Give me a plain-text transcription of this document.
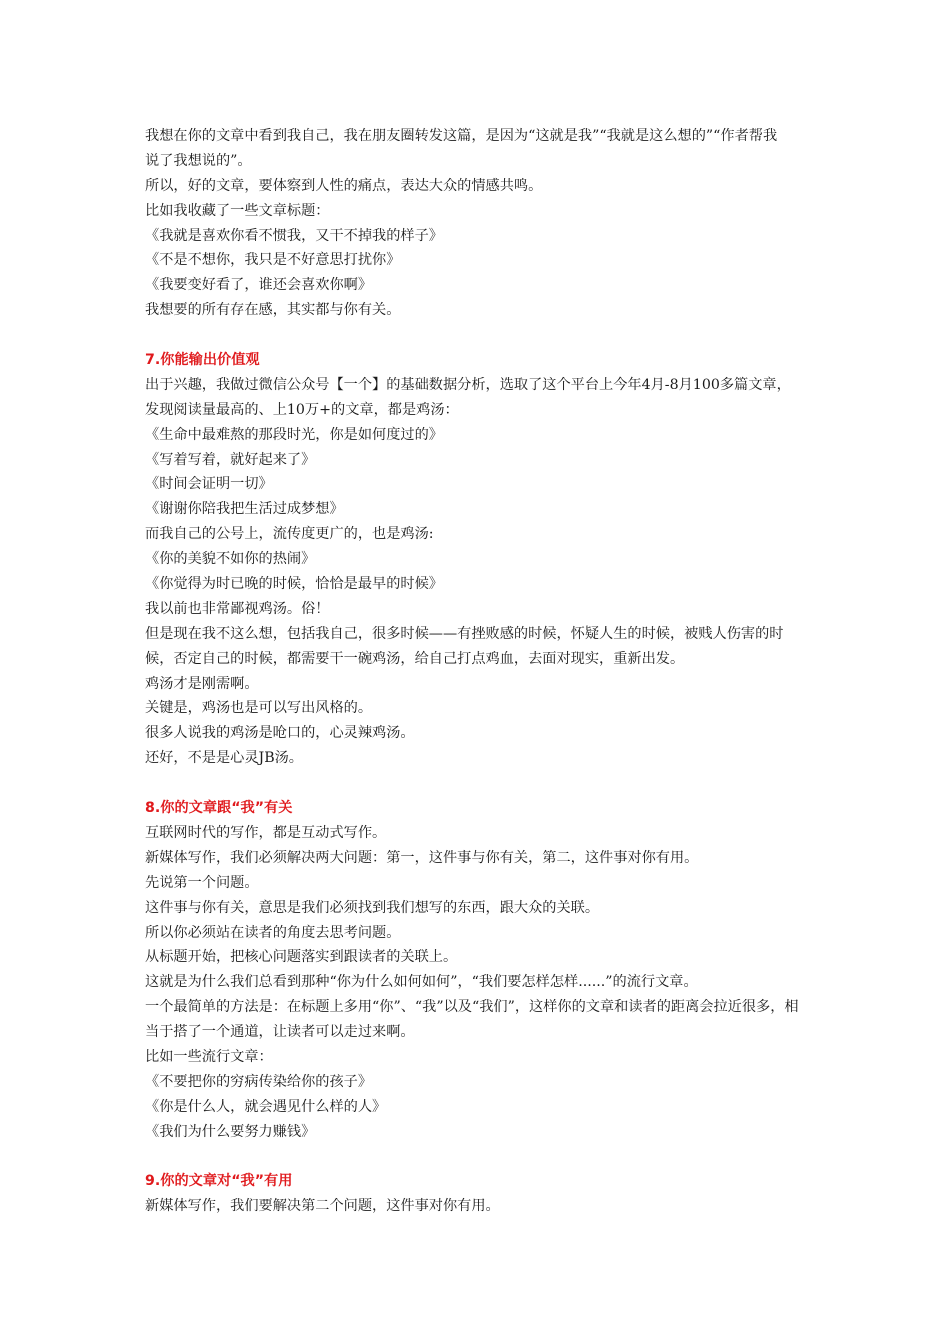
我想在你的文章中看到我自己，我在朋友圈转发这篇，是因为“这就是我”“我就是这么想的”“作者帮我
说了我想说的”。
所以，好的文章，要体察到人性的痛点，表达大众的情感共鸣。
比如我收藏了一些文章标题：
《我就是喜欢你看不惯我，又干不掉我的样子》
《不是不想你，我只是不好意思打扰你》
《我要变好看了，谁还会喜欢你啊》
我想要的所有存在感，其实都与你有关。
7.你能输出价值观
出于兴趣，我做过微信公众号【一个】的基础数据分析，选取了这个平台上今年4月-8月100多篇文章，
发现阅读量最高的、上10万+的文章，都是鸡汤：
《生命中最难熬的那段时光，你是如何度过的》
《写着写着，就好起来了》
《时间会证明一切》
《谢谢你陪我把生活过成梦想》
而我自己的公号上，流传度更广的，也是鸡汤:
《你的美貌不如你的热闹》
《你觉得为时已晚的时候，恰恰是最早的时候》
我以前也非常鄙视鸡汤。俗！
但是现在我不这么想，包括我自己，很多时候——有挫败感的时候，怀疑人生的时候，被贱人伤害的时
候，否定自己的时候，都需要干一碗鸡汤，给自己打点鸡血，去面对现实，重新出发。
鸡汤才是刚需啊。
关键是，鸡汤也是可以写出风格的。
很多人说我的鸡汤是呛口的，心灵辣鸡汤。
还好，不是是心灵JB汤。
8.你的文章跟“我”有关
互联网时代的写作，都是互动式写作。
新媒体写作，我们必须解决两大问题：第一，这件事与你有关，第二，这件事对你有用。
先说第一个问题。
这件事与你有关，意思是我们必须找到我们想写的东西，跟大众的关联。
所以你必须站在读者的角度去思考问题。
从标题开始，把核心问题落实到跟读者的关联上。
这就是为什么我们总看到那种“你为什么如何如何”，“我们要怎样怎样......”的流行文章。
一个最简单的方法是：在标题上多用“你”、“我”以及“我们”，这样你的文章和读者的距离会拉近很多，相
当于搭了一个通道，让读者可以走过来啊。
比如一些流行文章：
《不要把你的穷病传染给你的孩子》
《你是什么人，就会遇见什么样的人》
《我们为什么要努力赚钱》
9.你的文章对“我”有用
新媒体写作，我们要解决第二个问题，这件事对你有用。
